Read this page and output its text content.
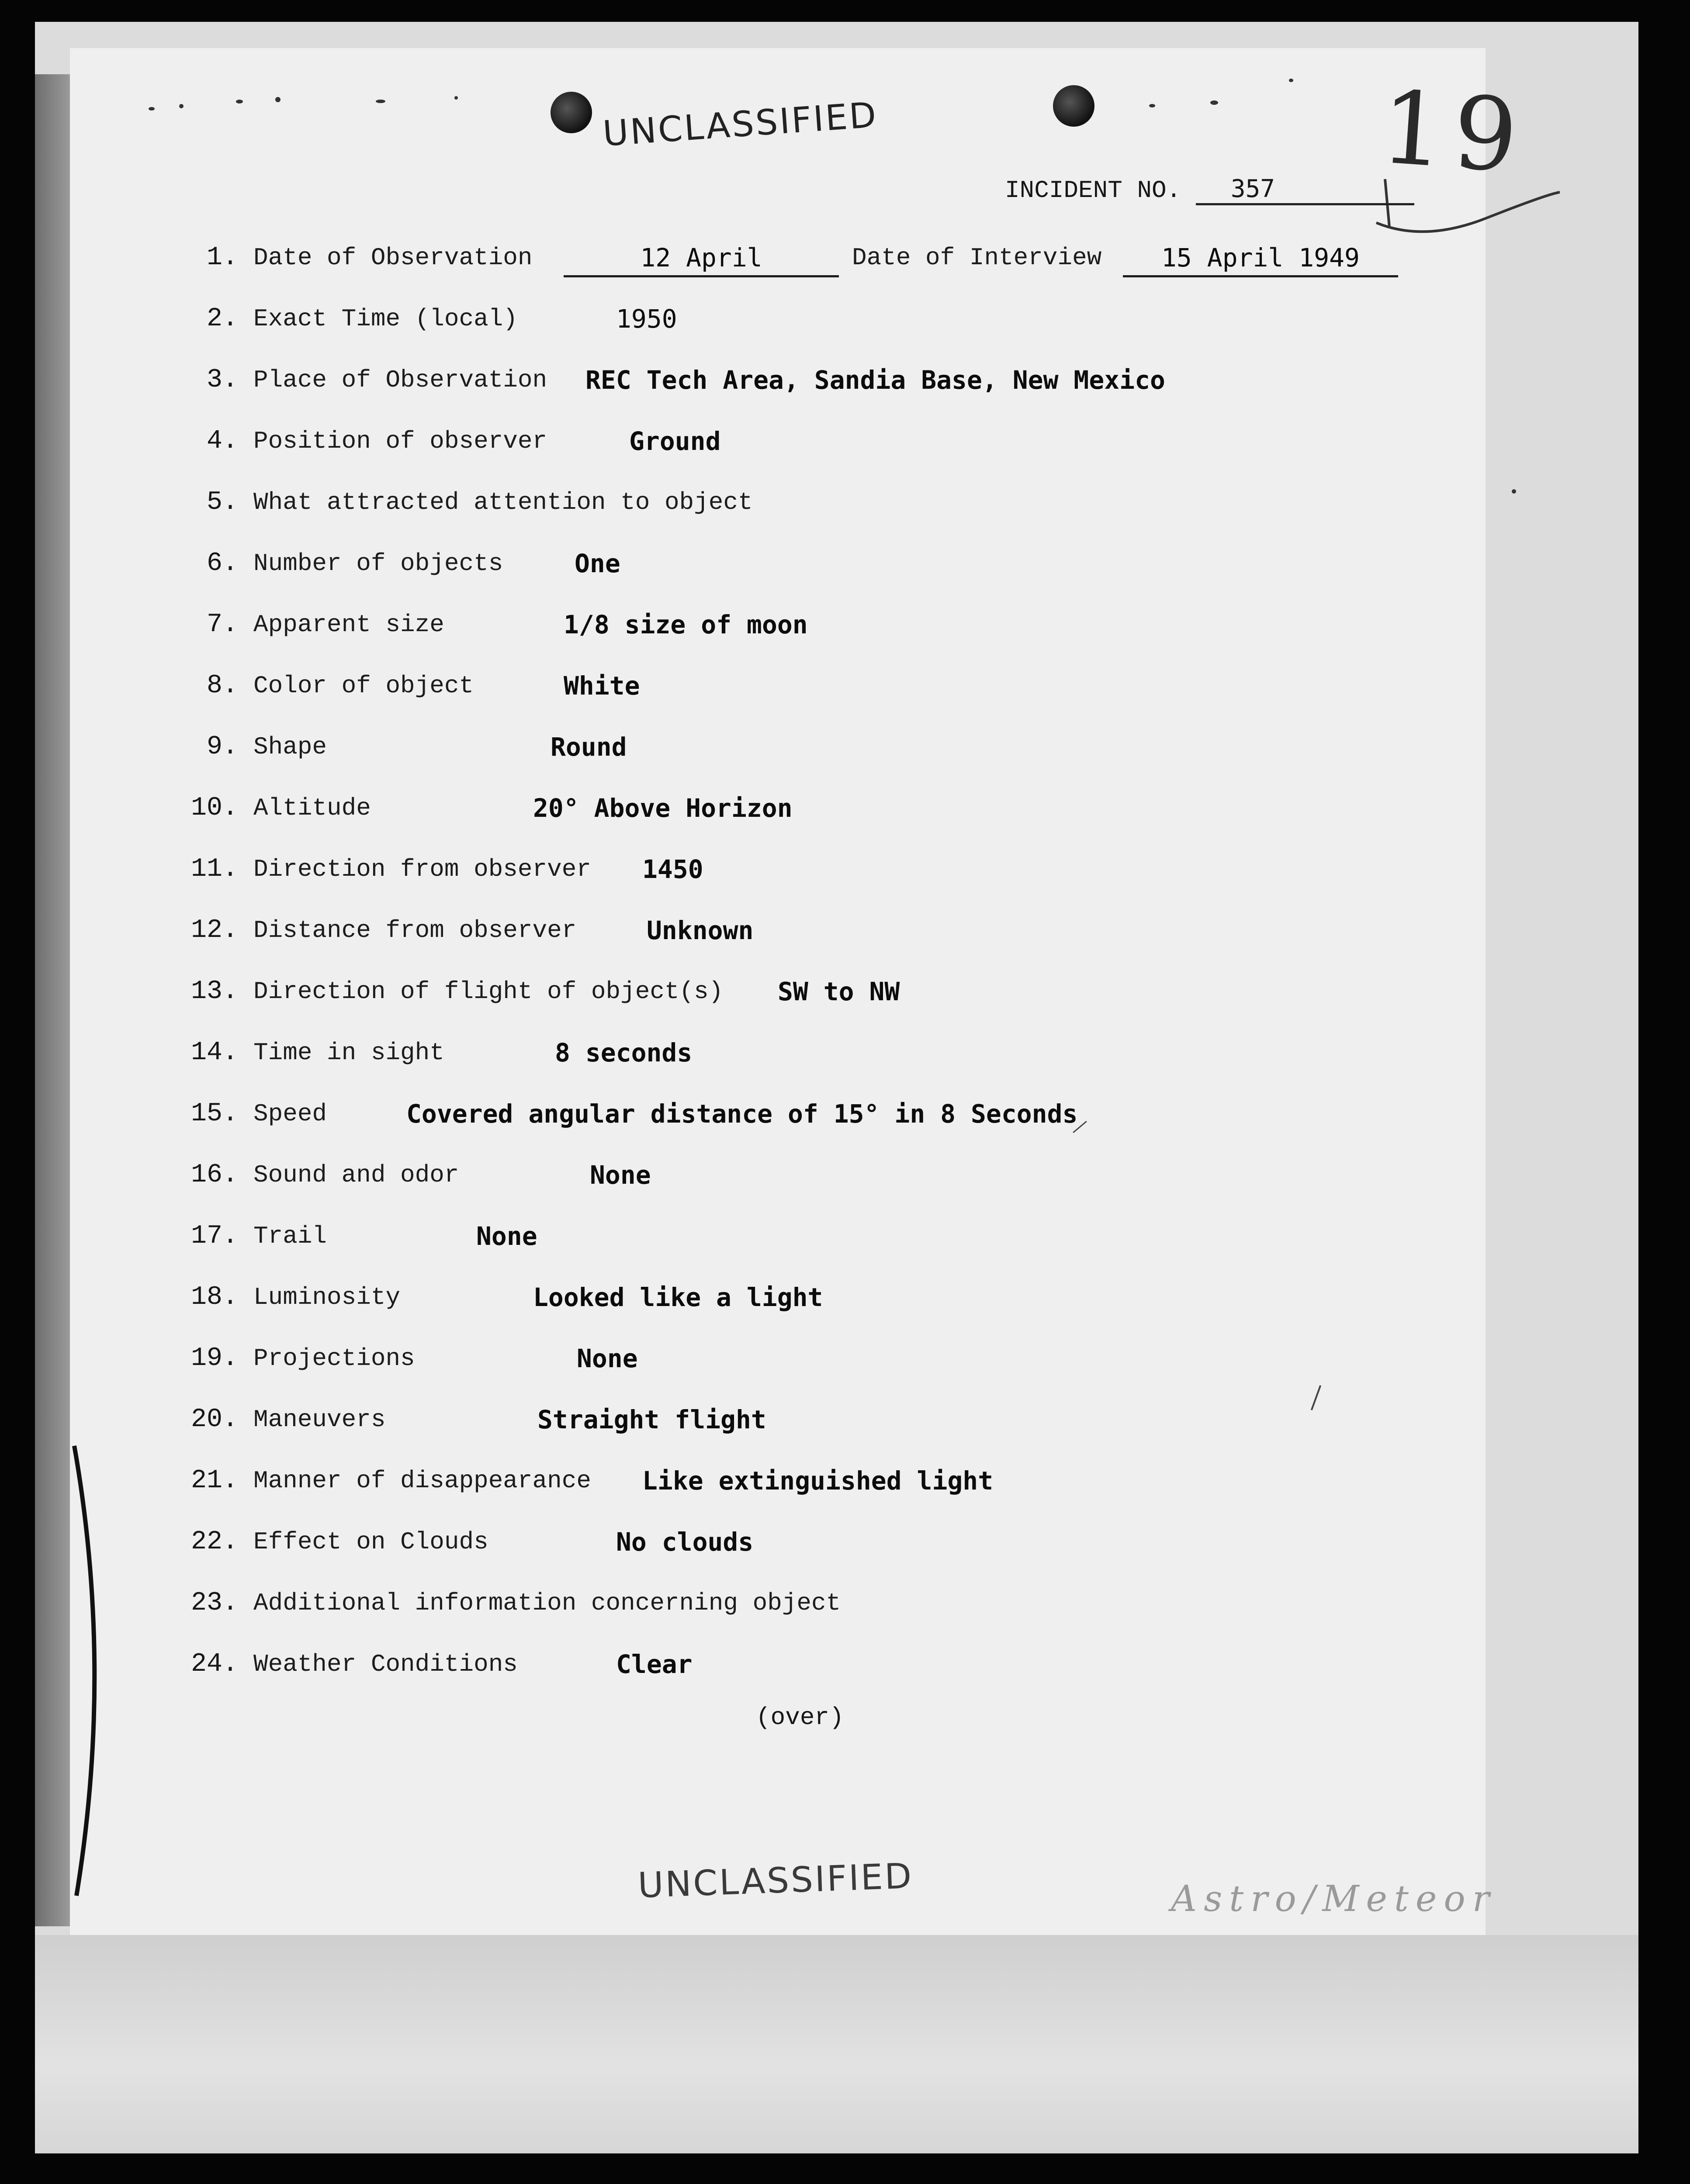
UNCLASSIFIED	19
INCIDENT NO. 357
1. Date of Observation	12 April	Date of Interview	15 April 1949
2. Exact Time (local)	1950
3. Place of Observation REC Tech Area, Sandia Base, New Mexico
4. Position of observer	Ground
5. What attracted attention to object
6. Number of objects	One
7. Apparent size	1/8 size of moon
8. Color of object	White
9. Shape	Round
10. Altitude	20° Above Horizon
11. Direction from observer 1450
12. Distance from observer	Unknown
13. Direction of flight of object(s) SW to NW
14. Time in sight	8 seconds
15. Speed	Covered angular distance of 15° in 8 Seconds
16. Sound and odor	None
17. Trail	None
18. Luminosity	Looked like a light
19. Projections	None
20. Maneuvers	Straight flight
21. Manner of disappearance Like extinguished light
22. Effect on Clouds	No clouds
23. Additional information concerning object
24. Weather Conditions	Clear
(over)
UNCLASSIFIED	Astro/Meteor
